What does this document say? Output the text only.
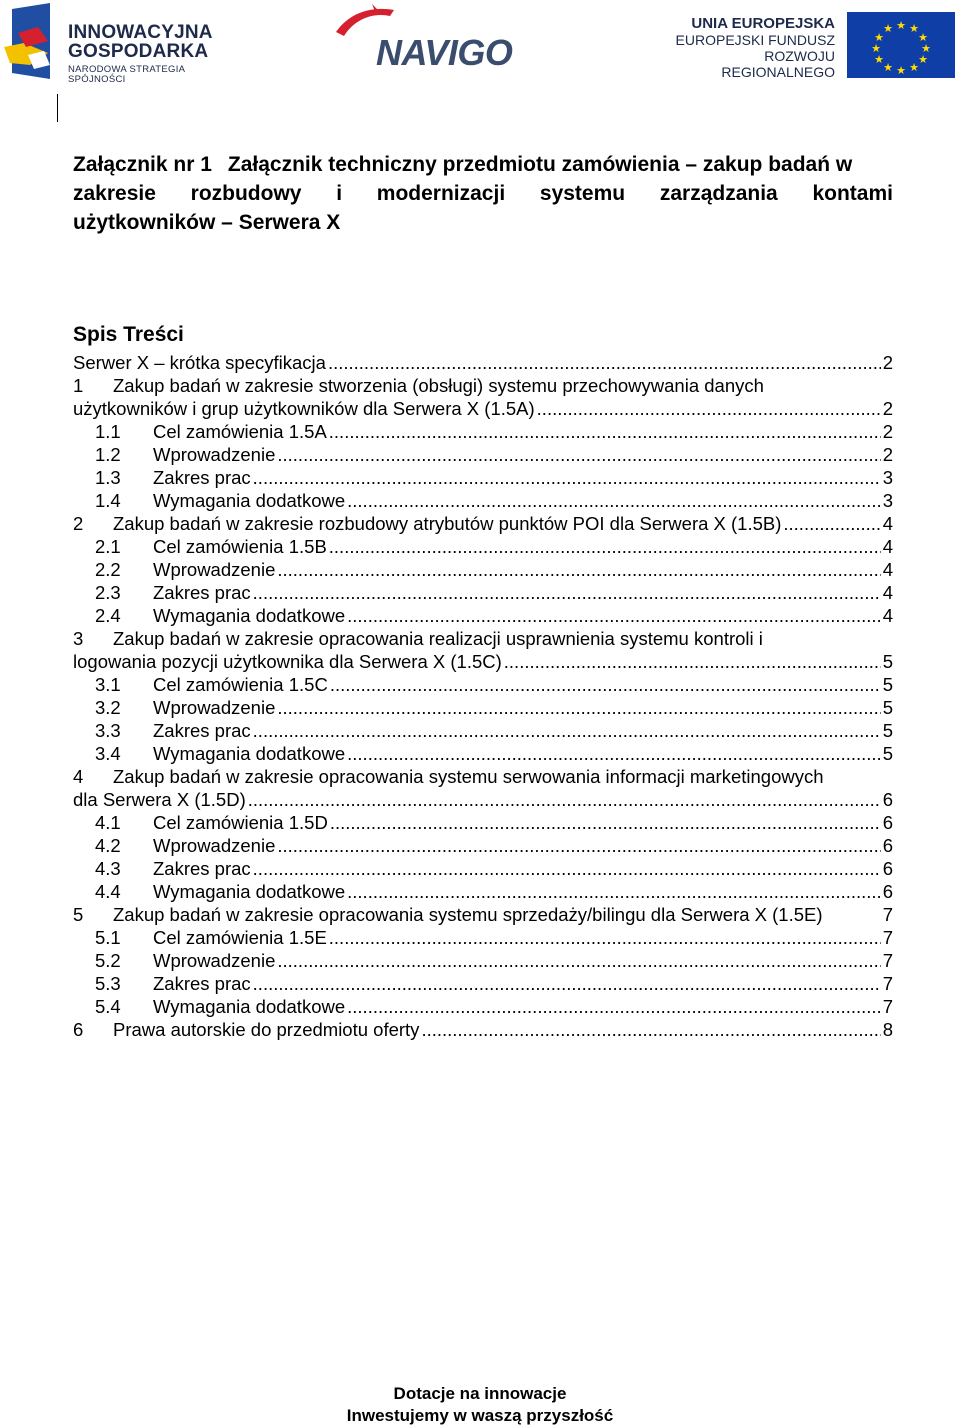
INNOWACYJNA
GOSPODARKA
NARODOWA STRATEGIA SPÓJNOŚCI
NAVIGO
UNIA EUROPEJSKA
EUROPEJSKI FUNDUSZ
ROZWOJU REGIONALNEGO
★ ★
★
★
★
★
★
★
★
★
★
★
Załącznik nr 1 Załącznik techniczny przedmiotu zamówienia – zakup badań w
zakresie rozbudowy i modernizacji systemu zarządzania kontami
użytkowników – Serwera X
Spis Treści
Serwer X – krótka specyfikacja .....	2
1	Zakup badań w zakresie stworzenia (obsługi) systemu przechowywania danych
użytkowników i grup użytkowników dla Serwera X (1.5A) .....	2
1.1	Cel zamówienia 1.5A .....	2
1.2	Wprowadzenie .....	2
1.3	Zakres prac .....	3
1.4	Wymagania dodatkowe .....	3
2	Zakup badań w zakresie rozbudowy atrybutów punktów POI dla Serwera X (1.5B) .....	4
2.1	Cel zamówienia 1.5B .....	4
2.2	Wprowadzenie .....	4
2.3	Zakres prac .....	4
2.4	Wymagania dodatkowe .....	4
3	Zakup badań w zakresie opracowania realizacji usprawnienia systemu kontroli i
logowania pozycji użytkownika dla Serwera X (1.5C) .....	5
3.1	Cel zamówienia 1.5C .....	5
3.2	Wprowadzenie .....	5
3.3	Zakres prac .....	5
3.4	Wymagania dodatkowe .....	5
4	Zakup badań w zakresie opracowania systemu serwowania informacji marketingowych
dla Serwera X (1.5D) .....	6
4.1	Cel zamówienia 1.5D .....	6
4.2	Wprowadzenie .....	6
4.3	Zakres prac .....	6
4.4	Wymagania dodatkowe .....	6
5	Zakup badań w zakresie opracowania systemu sprzedaży/bilingu dla Serwera X (1.5E)	7
5.1	Cel zamówienia 1.5E .....	7
5.2	Wprowadzenie .....	7
5.3	Zakres prac .....	7
5.4	Wymagania dodatkowe .....	7
6	Prawa autorskie do przedmiotu oferty .....	8
Dotacje na innowacje
Inwestujemy w waszą przyszłość
